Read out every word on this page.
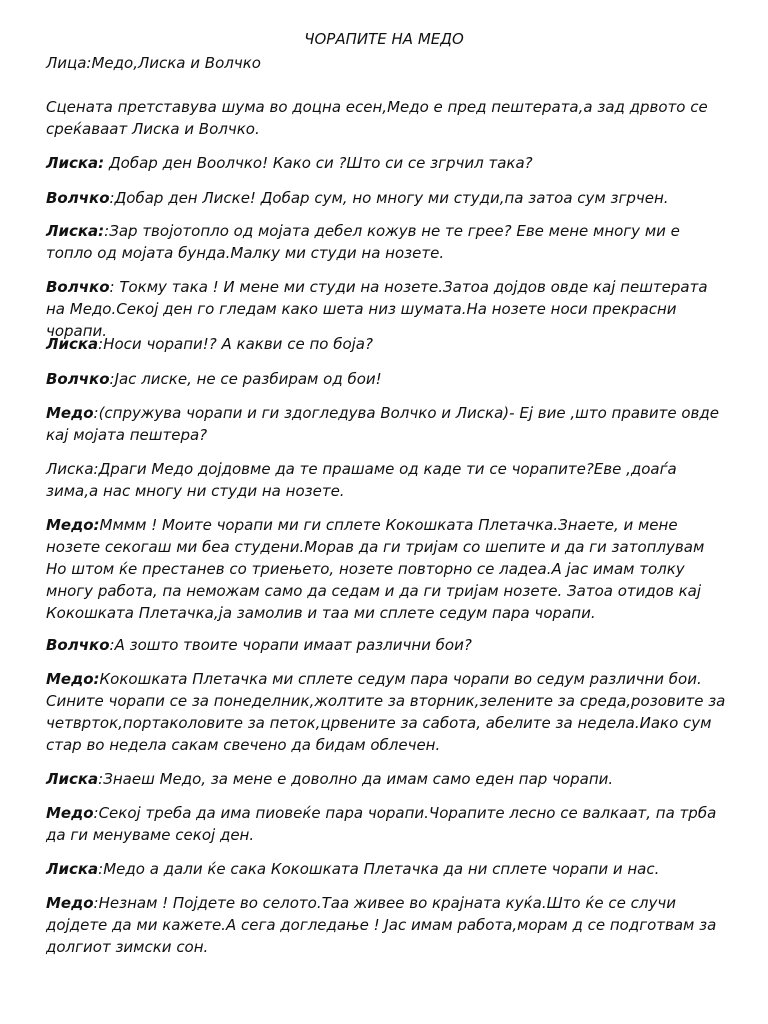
ЧОРАПИТЕ НА МЕДО

Лица:Медо,Лиска и Волчко

Сцената претставува шума во доцна есен,Медо е пред пештерата,а зад дрвото се среќаваат Лиска и Волчко.

Лиска: Добар ден Воолчко! Како си ?Што си се згрчил така?

Волчко:Добар ден Лиске! Добар сум, но многу ми студи,па затоа сум згрчен.

Лиска::Зар твојотопло од мојата дебел кожув не те грее? Еве мене многу ми е топло од мојата бунда.Малку ми студи на нозете.

Волчко: Токму така ! И мене ми студи на нозете.Затоа дојдов овде кај пештерата на Медо.Секој ден го гледам како шета низ шумата.На нозете носи прекрасни чорапи.

Лиска:Носи чорапи!? А какви се по боја?

Волчко:Јас лиске, не се разбирам од бои!

Медо:(спружува чорапи и ги здогледува Волчко и Лиска)- Еј вие ,што правите овде кај мојата пештера?

Лиска:Драги Медо дојдовме да те прашаме од каде ти се чорапите?Еве ,доаѓа зима,а нас многу ни студи на нозете.

Медо:Мммм ! Моите чорапи ми ги сплете Кокошката Плетачка.Знаете, и мене нозете секогаш ми беа студени.Морав да ги тријам со шепите и да ги затоплувам Но штом ќе престанев со триењето, нозете повторно се ладеа.А јас имам толку многу работа, па неможам само да седам и да ги тријам нозете. Затоа отидов кај Кокошката Плетачка,ја замолив и таа ми сплете седум пара чорапи.

Волчко:А зошто твоите чорапи имаат различни бои?

Медо:Кокошката Плетачка ми сплете седум пара чорапи во седум различни бои. Сините чорапи се за понеделник,жолтите за вторник,зелените за среда,розовите за четврток,портаколовите за петок,црвените за сабота, абелите за недела.Иако сум стар во недела сакам свечено да бидам облечен.

Лиска:Знаеш Медо, за мене е доволно да имам само еден пар чорапи.

Медо:Секој треба да има пиовеќе пара чорапи.Чорапите лесно се валкаат, па трба да ги менуваме секој ден.

Лиска:Медо а дали ќе сака Кокошката Плетачка да ни сплете чорапи и нас.

Медо:Незнам ! Појдете во селото.Таа живее во крајната куќа.Што ќе се случи дојдете да ми кажете.А сега догледање ! Јас имам работа,морам д се подготвам за долгиот зимски сон.
